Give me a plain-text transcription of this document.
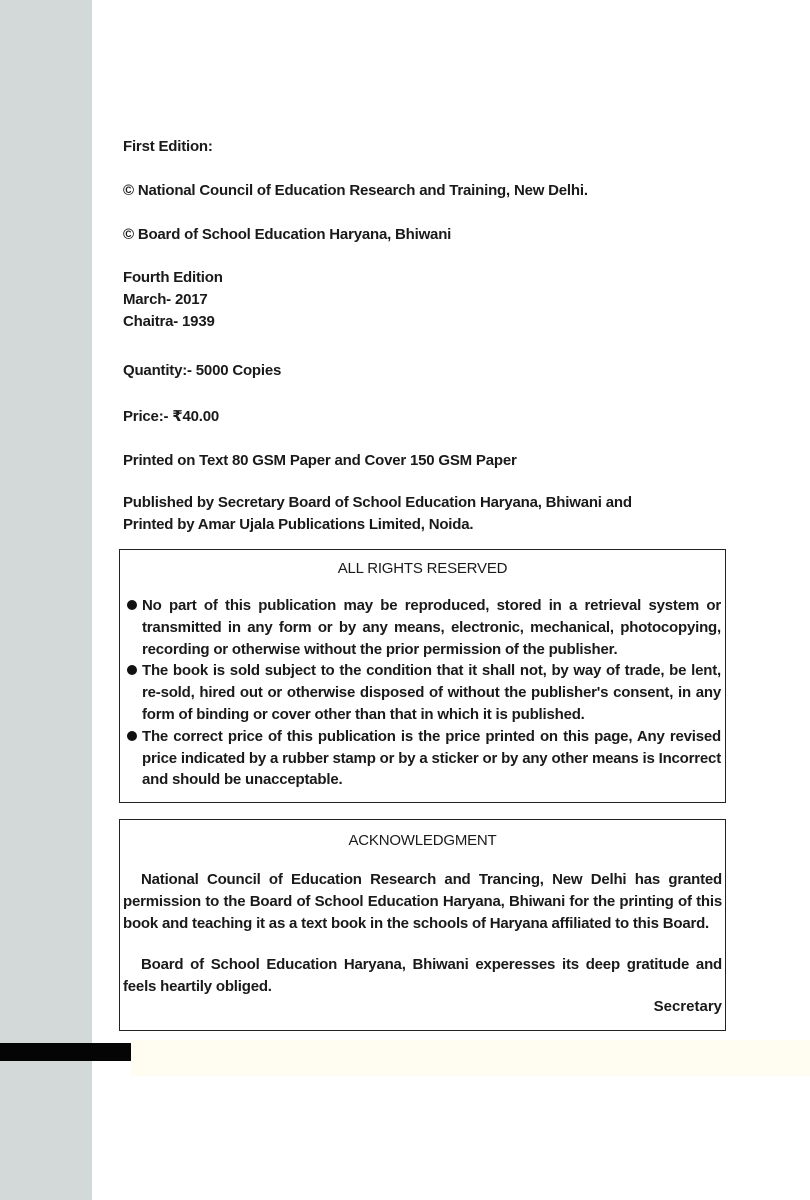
First Edition:
© National Council of Education Research and Training, New Delhi.
© Board of School Education Haryana, Bhiwani
Fourth Edition
March- 2017
Chaitra- 1939
Quantity:- 5000 Copies
Price:- ₹40.00
Printed on Text 80 GSM Paper and Cover 150 GSM Paper
Published by Secretary Board of School Education Haryana, Bhiwani and
Printed by Amar Ujala Publications Limited, Noida.
ALL RIGHTS RESERVED
No part of this publication may be reproduced, stored in a retrieval system or transmitted in any form or by any means, electronic, mechanical, photocopying, recording or otherwise without the prior permission of the publisher.
The book is sold subject to the condition that it shall not, by way of trade, be lent, re-sold, hired out or otherwise disposed of without the publisher's consent, in any form of binding or cover other than that in which it is published.
The correct price of this publication is the price printed on this page, Any revised price indicated by a rubber stamp or by a sticker or by any other means is Incorrect and should be unacceptable.
ACKNOWLEDGMENT

National Council of Education Research and Trancing, New Delhi has granted permission to the Board of School Education Haryana, Bhiwani for the printing of this book and teaching it as a text book in the schools of Haryana affiliated to this Board.

Board of School Education Haryana, Bhiwani experesses its deep gratitude and feels heartily obliged.

Secretary
